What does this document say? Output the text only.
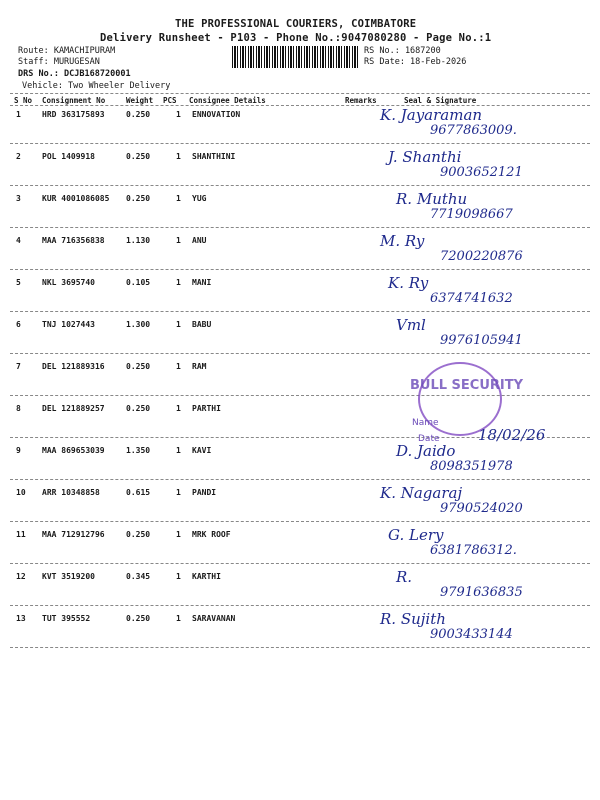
THE PROFESSIONAL COURIERS, COIMBATORE
Delivery Runsheet - P103 - Phone No.:9047080280 - Page No.:1
Route: KAMACHIPURAM
Staff: MURUGESAN
DRS No.: DCJB168720001
Vehicle: Two Wheeler Delivery
RS No.: 1687200
RS Date: 18-Feb-2026
S No Consignment No	Weight PCS Consignee Details	Remarks	Seal & Signature
1	HRD 363175893	0.250	1 ENNOVATION	K. Jayaraman
9677863009.
2	POL 1409918	0.250	1 SHANTHINI	J. Shanthi
9003652121
3	KUR 4001086085 0.250	1 YUG	R. Muthu
7719098667
4	MAA 716356838	1.130	1 ANU	M. Ry
7200220876
5	NKL 3695740	0.105	1 MANI	K. Ry
6374741632
6	TNJ 1027443	1.300	1 BABU	Vml
9976105941
7	DEL 121889316	0.250	1 RAM
8	DEL 121889257	0.250	1 PARTHI
9	MAA 869653039	1.350	1 KAVI	D. Jaido
8098351978
10 ARR 10348858	0.615	1 PANDI	K. Nagaraj
9790524020
11 MAA 712912796	0.250	1 MRK ROOF	G. Lery
6381786312.
12 KVT 3519200	0.345	1 KARTHI	R.
9791636835
13 TUT 395552	0.250	1 SARAVANAN	R. Sujith
9003433144
BULL SECURITY
Name
Date	18/02/26
